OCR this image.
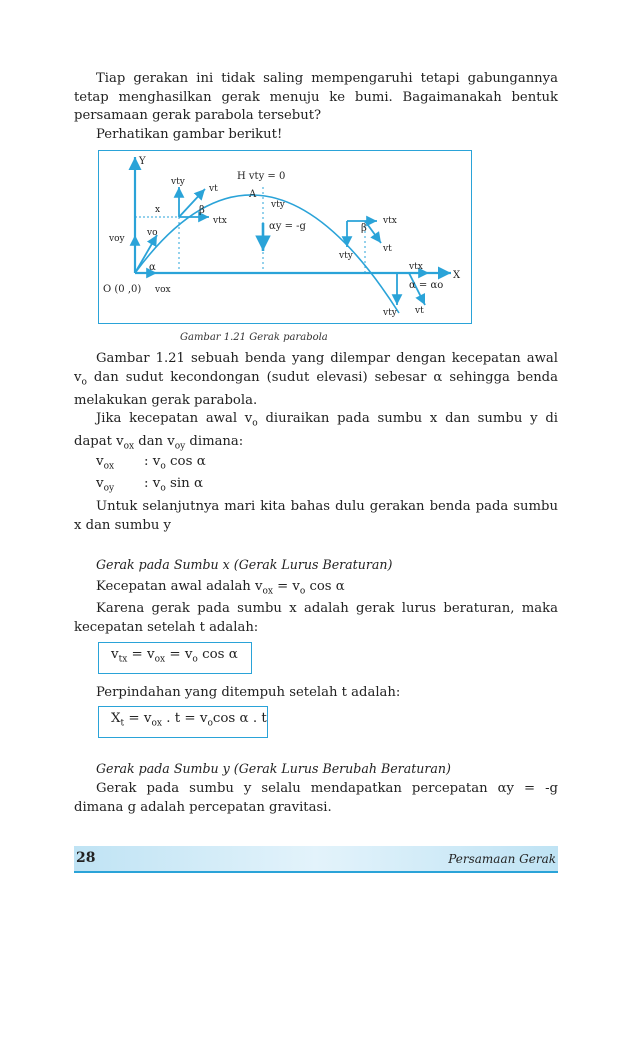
Tiap gerakan ini tidak saling mempengaruhi tetapi gabungannya tetap menghasilkan gerak menuju ke bumi. Bagaimanakah bentuk persamaan gerak parabola tersebut?

Perhatikan gambar berikut!

Y
X
voy
vo
α
O (0 ,0) vox
x
vty
vt
β
vtx
H vty = 0
A
vty
αy = -g	β
vtx
vt
vty
vtx
α = αo
vty vt
Gambar 1.21 Gerak parabola

Gambar 1.21 sebuah benda yang dilempar dengan kecepatan awal $v_o$ dan sudut kecondongan (sudut elevasi) sebesar α sehingga benda melakukan gerak parabola.

Jika kecepatan awal $v_o$ diuraikan pada sumbu x dan sumbu y di dapat $v_{ox}$ dan $v_{oy}$ dimana:

$v_{ox}$ : $v_o$ cos α
$v_{oy}$ : $v_o$ sin α

Untuk selanjutnya mari kita bahas dulu gerakan benda pada sumbu x dan sumbu y

Gerak pada Sumbu x (Gerak Lurus Beraturan)

Kecepatan awal adalah $v_{ox} = v_o$ cos α

Karena gerak pada sumbu x adalah gerak lurus beraturan, maka kecepatan setelah t adalah:

$v_{tx} = v_{ox} = v_o$ cos α

Perpindahan yang ditempuh setelah t adalah:

$X_t = v_{ox}$ . $t = v_o\cos$ α . t

Gerak pada Sumbu y (Gerak Lurus Berubah Beraturan)

Gerak pada sumbu y selalu mendapatkan percepatan αy = -g dimana g adalah percepatan gravitasi.

28	Persamaan Gerak
